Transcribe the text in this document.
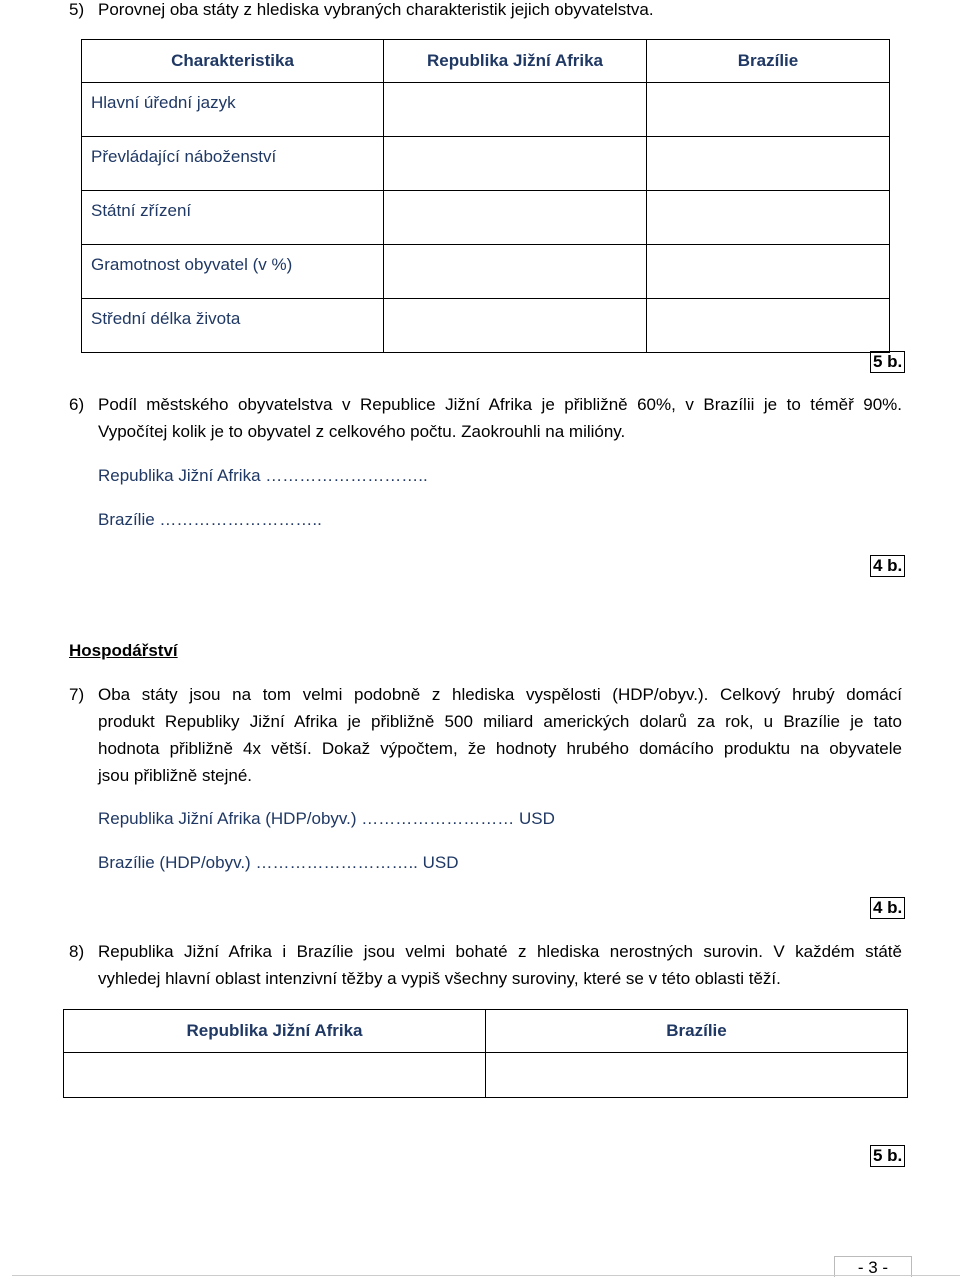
5) Porovnej oba státy z hlediska vybraných charakteristik jejich obyvatelstva.
Charakteristika	Republika Jižní Afrika	Brazílie
Hlavní úřední jazyk		
Převládající náboženství		
Státní zřízení		
Gramotnost obyvatel (v %)		
Střední délka života		
5 b.
6) Podíl městského obyvatelstva v Republice Jižní Afrika je přibližně 60%, v Brazílii je to téměř 90%.
Vypočítej kolik je to obyvatel z celkového počtu. Zaokrouhli na milióny.
Republika Jižní Afrika ………………………..
Brazílie ………………………..
4 b.
Hospodářství
7) Oba státy jsou na tom velmi podobně z hlediska vyspělosti (HDP/obyv.). Celkový hrubý domácí
produkt Republiky Jižní Afrika je přibližně 500 miliard amerických dolarů za rok, u Brazílie je tato
hodnota přibližně 4x větší. Dokaž výpočtem, že hodnoty hrubého domácího produktu na obyvatele
jsou přibližně stejné.
Republika Jižní Afrika (HDP/obyv.) ……………………… USD
Brazílie (HDP/obyv.) ……………………….. USD
4 b.
8) Republika Jižní Afrika i Brazílie jsou velmi bohaté z hlediska nerostných surovin. V každém státě
vyhledej hlavní oblast intenzivní těžby a vypiš všechny suroviny, které se v této oblasti těží.
Republika Jižní Afrika	Brazílie

5 b.
- 3 -
